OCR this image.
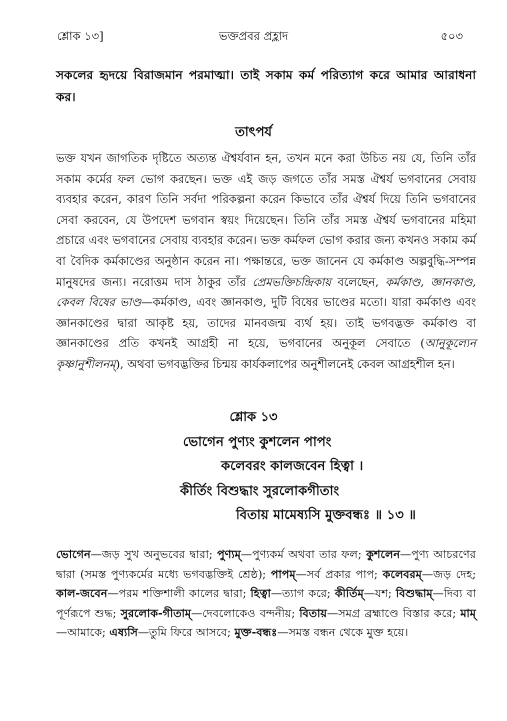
ভক্তপ্রবর প্রহ্লাদ
শ্লোক ১৩]	৫০৩

সকলের হৃদয়ে বিরাজমান পরমাত্মা। তাই সকাম কর্ম পরিত্যাগ করে আমার আরাধনা কর।

তাৎপর্য

ভক্ত যখন জাগতিক দৃষ্টিতে অত্যন্ত ঐশ্বর্যবান হন, তখন মনে করা উচিত নয় যে, তিনি তাঁর সকাম কর্মের ফল ভোগ করছেন। ভক্ত এই জড় জগতে তাঁর সমস্ত ঐশ্বর্য ভগবানের সেবায় ব্যবহার করেন, কারণ তিনি সর্বদা পরিকল্পনা করেন কিভাবে তাঁর ঐশ্বর্য দিয়ে তিনি ভগবানের সেবা করবেন, যে উপদেশ ভগবান স্বয়ং দিয়েছেন। তিনি তাঁর সমস্ত ঐশ্বর্য ভগবানের মহিমা প্রচারে এবং ভগবানের সেবায় ব্যবহার করেন। ভক্ত কর্মফল ভোগ করার জন্য কখনও সকাম কর্ম বা বৈদিক কর্মকাণ্ডের অনুষ্ঠান করেন না। পক্ষান্তরে, ভক্ত জানেন যে কর্মকাণ্ড অল্পবুদ্ধি-সম্পন্ন মানুষদের জন্য। নরোত্তম দাস ঠাকুর তাঁর প্রেমভক্তিচন্দ্রিকায় বলেছেন, কর্মকাণ্ড, জ্ঞানকাণ্ড, কেবল বিষের ভাণ্ড—কর্মকাণ্ড, এবং জ্ঞানকাণ্ড, দুটি বিষের ভাণ্ডের মতো। যারা কর্মকাণ্ড এবং জ্ঞানকাণ্ডের দ্বারা আকৃষ্ট হয়, তাদের মানবজন্ম ব্যর্থ হয়। তাই ভগবদ্ভক্ত কর্মকাণ্ড বা জ্ঞানকাণ্ডের প্রতি কখনই আগ্রহী না হয়ে, ভগবানের অনুকূল সেবাতে (আনুকূল্যেন কৃষ্ণানুশীলনম্), অথবা ভগবদ্ভক্তির চিন্ময় কার্যকলাপের অনুশীলনেই কেবল আগ্রহশীল হন।

শ্লোক ১৩
ভোগেন পুণ্যং কুশলেন পাপং
কলেবরং কালজবেন হিত্বা ।
কীর্তিং বিশুদ্ধাং সুরলোকগীতাং
বিতায় মামেষ্যসি মুক্তবন্ধঃ ॥ ১৩ ॥

ভোগেন—জড় সুখ অনুভবের দ্বারা; পুণ্যম্—পুণ্যকর্ম অথবা তার ফল; কুশলেন—পুণ্য আচরণের দ্বারা (সমস্ত পুণ্যকর্মের মধ্যে ভগবদ্ভক্তিই শ্রেষ্ঠ); পাপম্—সর্ব প্রকার পাপ; কলেবরম্—জড় দেহ; কাল-জবেন—পরম শক্তিশালী কালের দ্বারা; হিত্বা—ত্যাগ করে; কীর্তিম্—যশ; বিশুদ্ধাম্—দিব্য বা পূর্ণরূপে শুদ্ধ; সুরলোক-গীতাম্—দেবলোকেও বন্দনীয়; বিতায়—সমগ্র ব্রহ্মাণ্ডে বিস্তার করে; মাম্—আমাকে; এষ্যসি—তুমি ফিরে আসবে; মুক্ত-বন্ধঃ—সমস্ত বন্ধন থেকে মুক্ত হয়ে।
